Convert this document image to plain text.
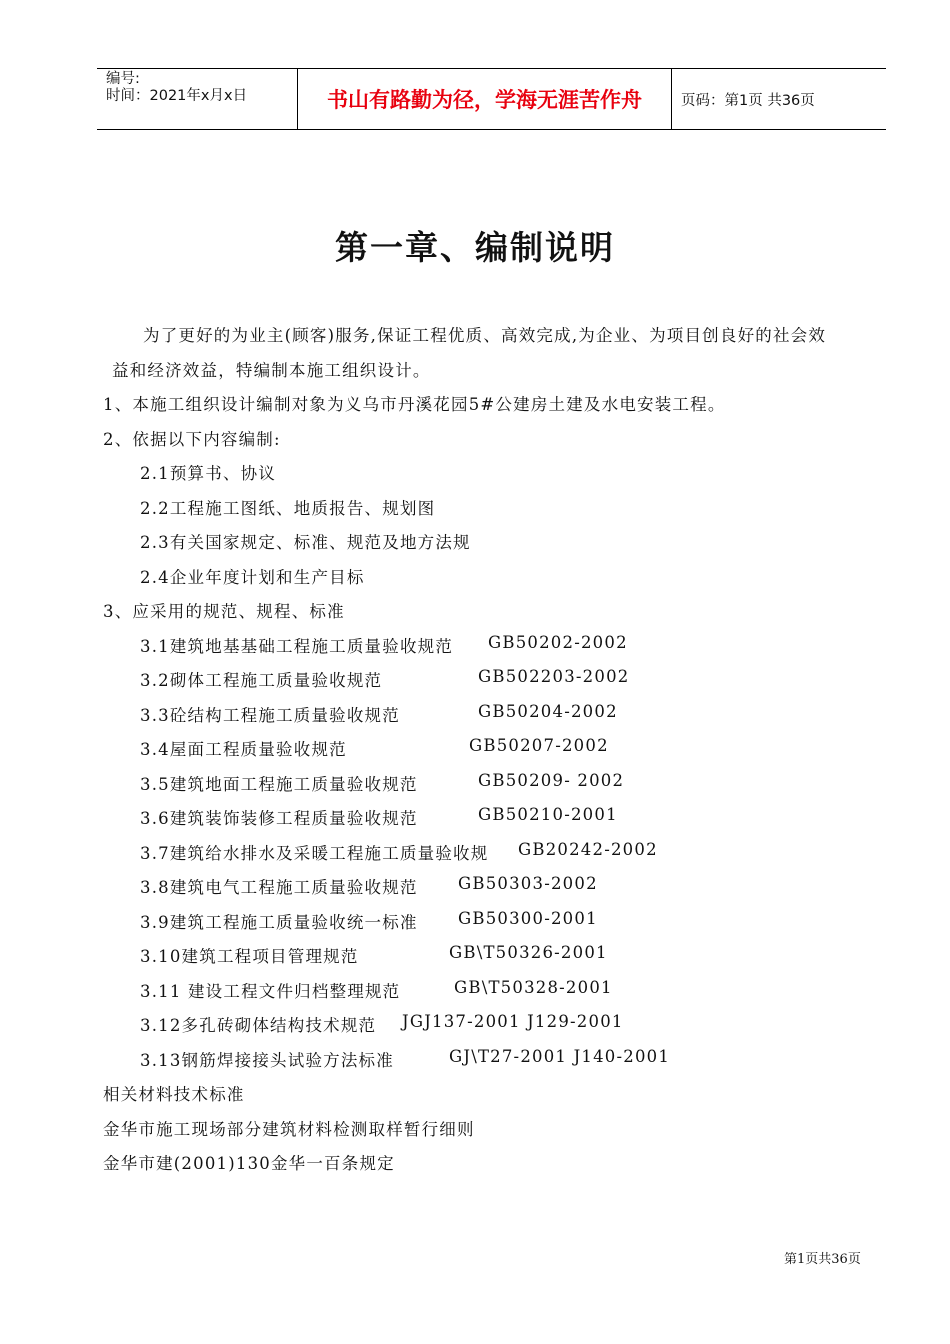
编号:
时间：2021年x月x日	书山有路勤为径，学海无涯苦作舟	页码：第1页 共36页
第一章、编制说明
为了更好的为业主(顾客)服务,保证工程优质、高效完成,为企业、为项目创良好的社会效
益和经济效益，特编制本施工组织设计。
1、本施工组织设计编制对象为义乌市丹溪花园5#公建房土建及水电安装工程。
2、依据以下内容编制:
2.1预算书、协议
2.2工程施工图纸、地质报告、规划图
2.3有关国家规定、标准、规范及地方法规
2.4企业年度计划和生产目标
3、应采用的规范、规程、标准
3.1建筑地基基础工程施工质量验收规范 GB50202-2002
3.2砌体工程施工质量验收规范	GB502203-2002
3.3砼结构工程施工质量验收规范	GB50204-2002
3.4屋面工程质量验收规范	GB50207-2002
3.5建筑地面工程施工质量验收规范	GB50209- 2002
3.6建筑装饰装修工程质量验收规范	GB50210-2001
3.7建筑给水排水及采暖工程施工质量验收规 GB20242-2002
3.8建筑电气工程施工质量验收规范 GB50303-2002
3.9建筑工程施工质量验收统一标准 GB50300-2001
3.10建筑工程项目管理规范	GB\T50326-2001
3.11 建设工程文件归档整理规范	GB\T50328-2001
3.12多孔砖砌体结构技术规范 JGJ137-2001 J129-2001
3.13钢筋焊接接头试验方法标准	GJ\T27-2001 J140-2001
相关材料技术标准
金华市施工现场部分建筑材料检测取样暂行细则
金华市建(2001)130金华一百条规定
第1页共36页
